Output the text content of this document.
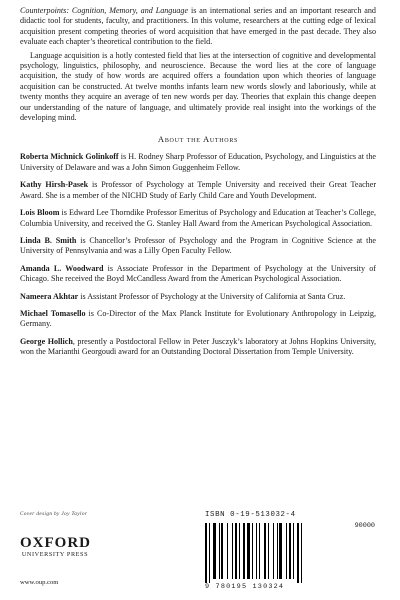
Counterpoints: Cognition, Memory, and Language is an international series and an important research and didactic tool for students, faculty, and practitioners. In this volume, researchers at the cutting edge of lexical acquisition present competing theories of word acquisition that have emerged in the past decade. They also evaluate each chapter’s theoretical contribution to the field.

Language acquisition is a hotly contested field that lies at the intersection of cognitive and developmental psychology, linguistics, philosophy, and neuroscience. Because the word lies at the core of language acquisition, the study of how words are acquired offers a foundation upon which theories of language acquisition can be constructed. At twelve months infants learn new words slowly and laboriously, while at twenty months they acquire an average of ten new words per day. Theories that explain this change deepen our understanding of the nature of language, and ultimately provide real insight into the workings of the developing mind.

About the Authors

Roberta Michnick Golinkoff is H. Rodney Sharp Professor of Education, Psychology, and Linguistics at the University of Delaware and was a John Simon Guggenheim Fellow.

Kathy Hirsh-Pasek is Professor of Psychology at Temple University and received their Great Teacher Award. She is a member of the NICHD Study of Early Child Care and Youth Development.

Lois Bloom is Edward Lee Thorndike Professor Emeritus of Psychology and Education at Teacher’s College, Columbia University, and received the G. Stanley Hall Award from the American Psychological Association.

Linda B. Smith is Chancellor’s Professor of Psychology and the Program in Cognitive Science at the University of Pennsylvania and was a Lilly Open Faculty Fellow.

Amanda L. Woodward is Associate Professor in the Department of Psychology at the University of Chicago. She received the Boyd McCandless Award from the American Psychological Association.

Nameera Akhtar is Assistant Professor of Psychology at the University of California at Santa Cruz.

Michael Tomasello is Co-Director of the Max Planck Institute for Evolutionary Anthropology in Leipzig, Germany.

George Hollich, presently a Postdoctoral Fellow in Peter Jusczyk’s laboratory at Johns Hopkins University, won the Marianthi Georgoudi award for an Outstanding Doctoral Dissertation from Temple University.

Cover design by Joy Taylor
OXFORD
UNIVERSITY PRESS
www.oup.com
ISBN 0-19-513032-4
90000
9 780195 130324
